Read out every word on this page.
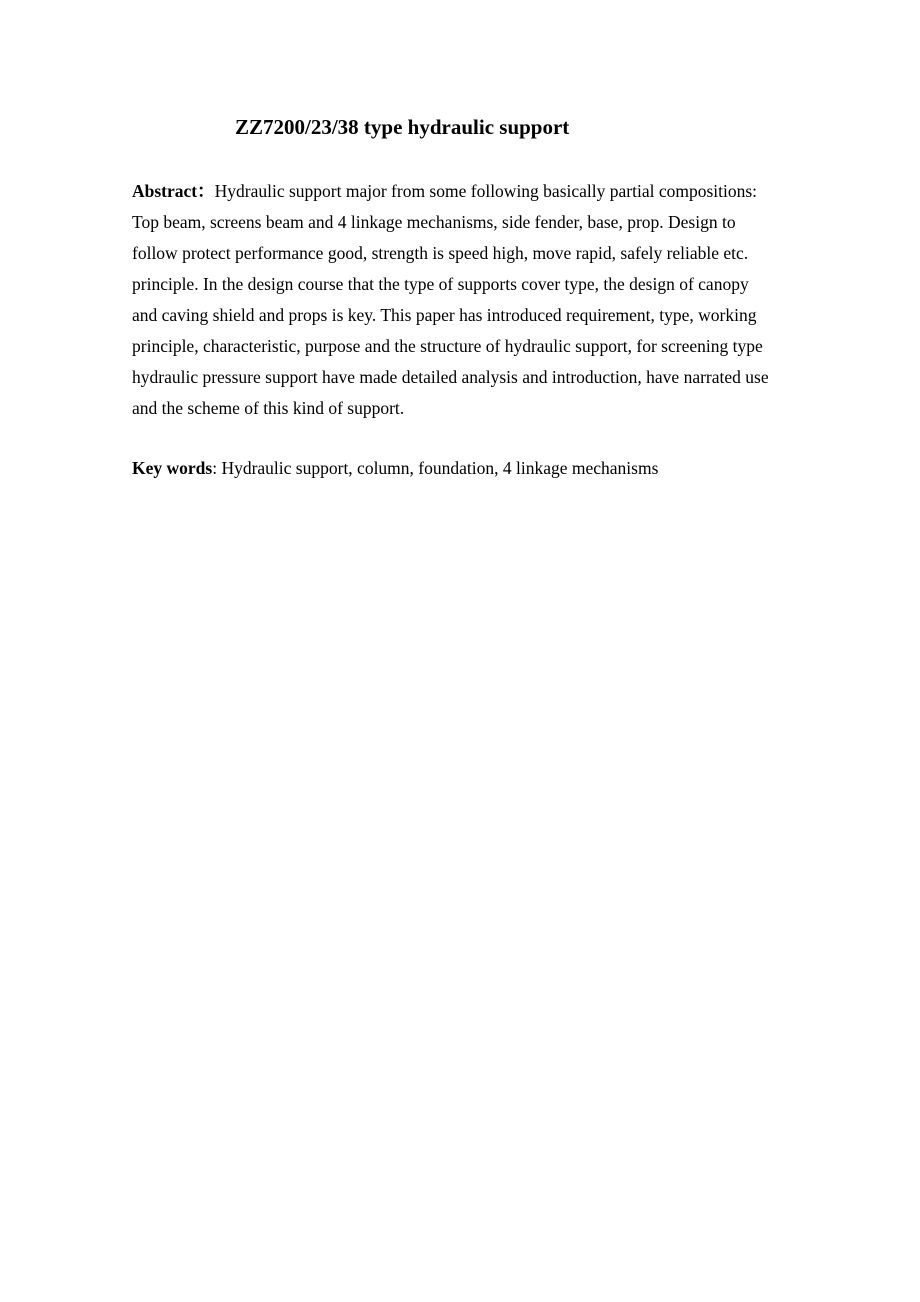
ZZ7200/23/38 type hydraulic support
Abstract：Hydraulic support major from some following basically partial compositions:
Top beam, screens beam and 4 linkage mechanisms, side fender, base, prop. Design to
follow protect performance good, strength is speed high, move rapid, safely reliable etc.
principle. In the design course that the type of supports cover type, the design of canopy
and caving shield and props is key. This paper has introduced requirement, type, working
principle, characteristic, purpose and the structure of hydraulic support, for screening type
hydraulic pressure support have made detailed analysis and introduction, have narrated use
and the scheme of this kind of support.

Key words: Hydraulic support, column, foundation, 4 linkage mechanisms
